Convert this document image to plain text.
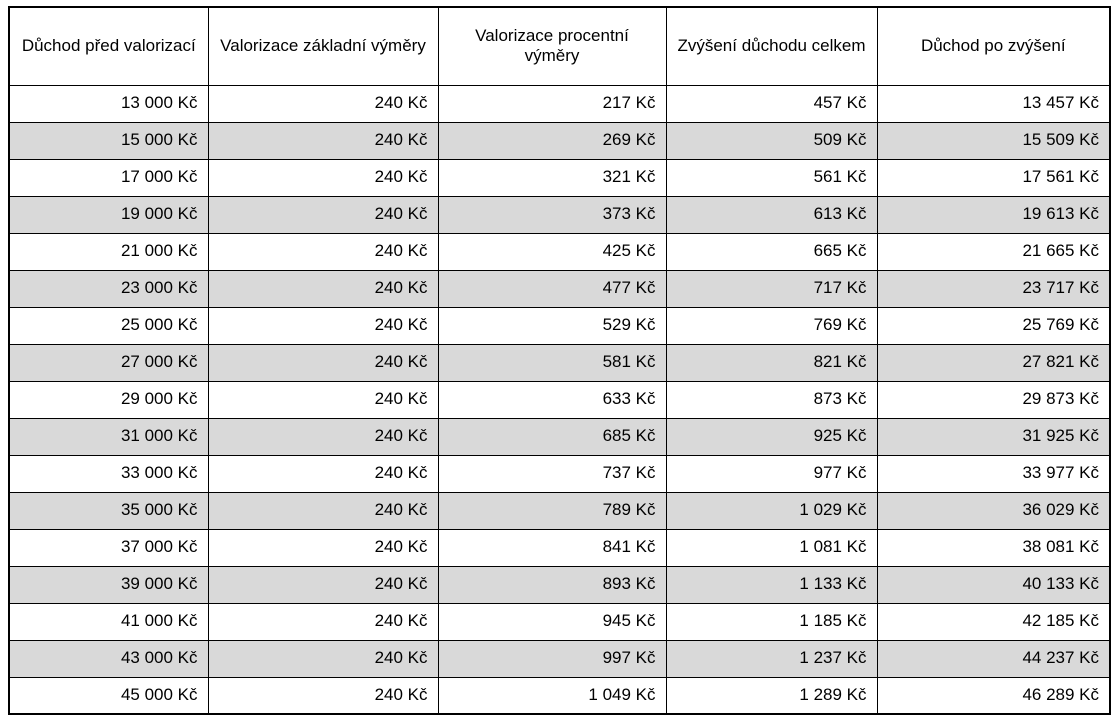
Důchod před valorizací	Valorizace základní výměry	Valorizace procentní výměry	Zvýšení důchodu celkem	Důchod po zvýšení
13 000 Kč	240 Kč	217 Kč	457 Kč	13 457 Kč
15 000 Kč	240 Kč	269 Kč	509 Kč	15 509 Kč
17 000 Kč	240 Kč	321 Kč	561 Kč	17 561 Kč
19 000 Kč	240 Kč	373 Kč	613 Kč	19 613 Kč
21 000 Kč	240 Kč	425 Kč	665 Kč	21 665 Kč
23 000 Kč	240 Kč	477 Kč	717 Kč	23 717 Kč
25 000 Kč	240 Kč	529 Kč	769 Kč	25 769 Kč
27 000 Kč	240 Kč	581 Kč	821 Kč	27 821 Kč
29 000 Kč	240 Kč	633 Kč	873 Kč	29 873 Kč
31 000 Kč	240 Kč	685 Kč	925 Kč	31 925 Kč
33 000 Kč	240 Kč	737 Kč	977 Kč	33 977 Kč
35 000 Kč	240 Kč	789 Kč	1 029 Kč	36 029 Kč
37 000 Kč	240 Kč	841 Kč	1 081 Kč	38 081 Kč
39 000 Kč	240 Kč	893 Kč	1 133 Kč	40 133 Kč
41 000 Kč	240 Kč	945 Kč	1 185 Kč	42 185 Kč
43 000 Kč	240 Kč	997 Kč	1 237 Kč	44 237 Kč
45 000 Kč	240 Kč	1 049 Kč	1 289 Kč	46 289 Kč
